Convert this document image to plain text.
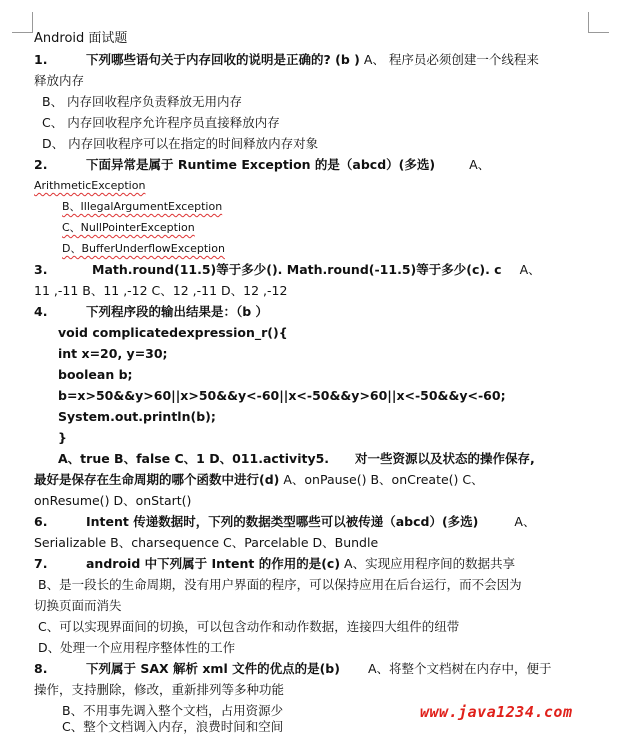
Android 面试题
1.	下列哪些语句关于内存回收的说明是正确的? (b ) A、 程序员必须创建一个线程来
释放内存
B、 内存回收程序负责释放无用内存
C、 内存回收程序允许程序员直接释放内存
D、 内存回收程序可以在指定的时间释放内存对象
2.	下面异常是属于 Runtime Exception 的是（abcd）(多选)	A、
ArithmeticException
B、IllegalArgumentException
C、NullPointerException
D、BufferUnderflowException
3.	Math.round(11.5)等于多少(). Math.round(-11.5)等于多少(c). c A、
11 ,-11 B、11 ,-12 C、12 ,-11 D、12 ,-12
4.	下列程序段的输出结果是：（b ）
void complicatedexpression_r(){
int x=20, y=30;
boolean b;
b=x>50&&y>60||x>50&&y<-60||x<-50&&y>60||x<-50&&y<-60;
System.out.println(b);
}
A、true B、false C、1 D、011.activity5. 对一些资源以及状态的操作保存,
最好是保存在生命周期的哪个函数中进行(d) A、onPause() B、onCreate() C、
onResume() D、onStart()
6.	Intent 传递数据时，下列的数据类型哪些可以被传递（abcd）(多选)	A、
Serializable B、charsequence C、Parcelable D、Bundle
7.	android 中下列属于 Intent 的作用的是(c) A、实现应用程序间的数据共享
B、是一段长的生命周期，没有用户界面的程序，可以保持应用在后台运行，而不会因为
切换页面而消失
C、可以实现界面间的切换，可以包含动作和动作数据，连接四大组件的纽带
D、处理一个应用程序整体性的工作
8.	下列属于 SAX 解析 xml 文件的优点的是(b) A、将整个文档树在内存中，便于
操作，支持删除，修改，重新排列等多种功能
B、不用事先调入整个文档，占用资源少
C、整个文档调入内存，浪费时间和空间
www.java1234.com
